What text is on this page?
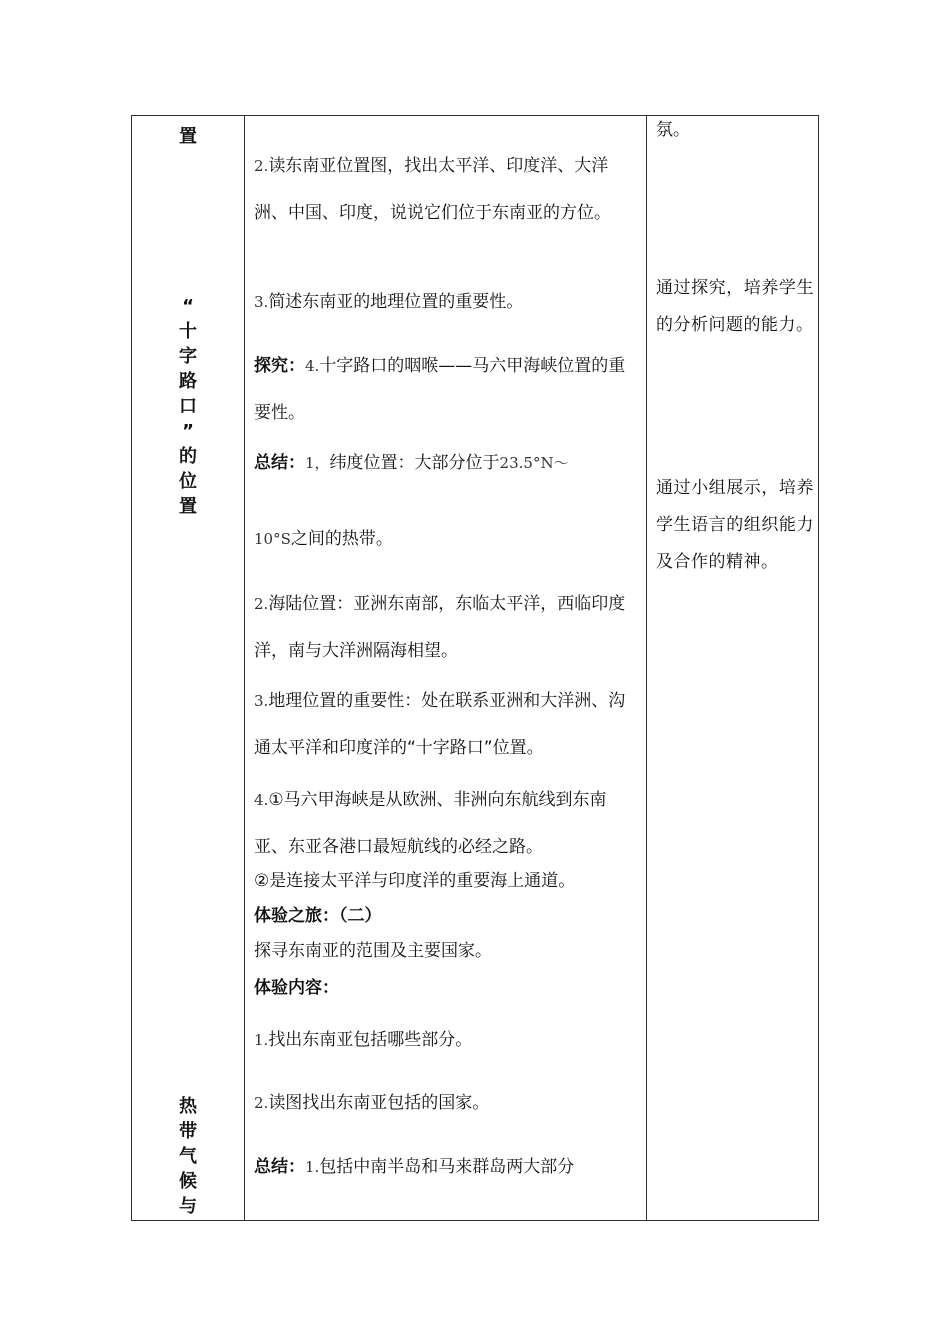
置
“
十
字
路
口
”
的
位
置
热
带
气
候
与
2.读东南亚位置图，找出太平洋、印度洋、大洋洲、中国、印度，说说它们位于东南亚的方位。
3.简述东南亚的地理位置的重要性。
探究：4.十字路口的咽喉——马六甲海峡位置的重要性。
总结：1，纬度位置：大部分位于23.5°N～
10°S之间的热带。
2.海陆位置：亚洲东南部，东临太平洋，西临印度洋，南与大洋洲隔海相望。
3.地理位置的重要性：处在联系亚洲和大洋洲、沟通太平洋和印度洋的“十字路口”位置。
4.①马六甲海峡是从欧洲、非洲向东航线到东南亚、东亚各港口最短航线的必经之路。
②是连接太平洋与印度洋的重要海上通道。
体验之旅：（二）
探寻东南亚的范围及主要国家。
体验内容：
1.找出东南亚包括哪些部分。
2.读图找出东南亚包括的国家。
总结：1.包括中南半岛和马来群岛两大部分
氛。
通过探究，培养学生的分析问题的能力。
通过小组展示，培养学生语言的组织能力及合作的精神。
